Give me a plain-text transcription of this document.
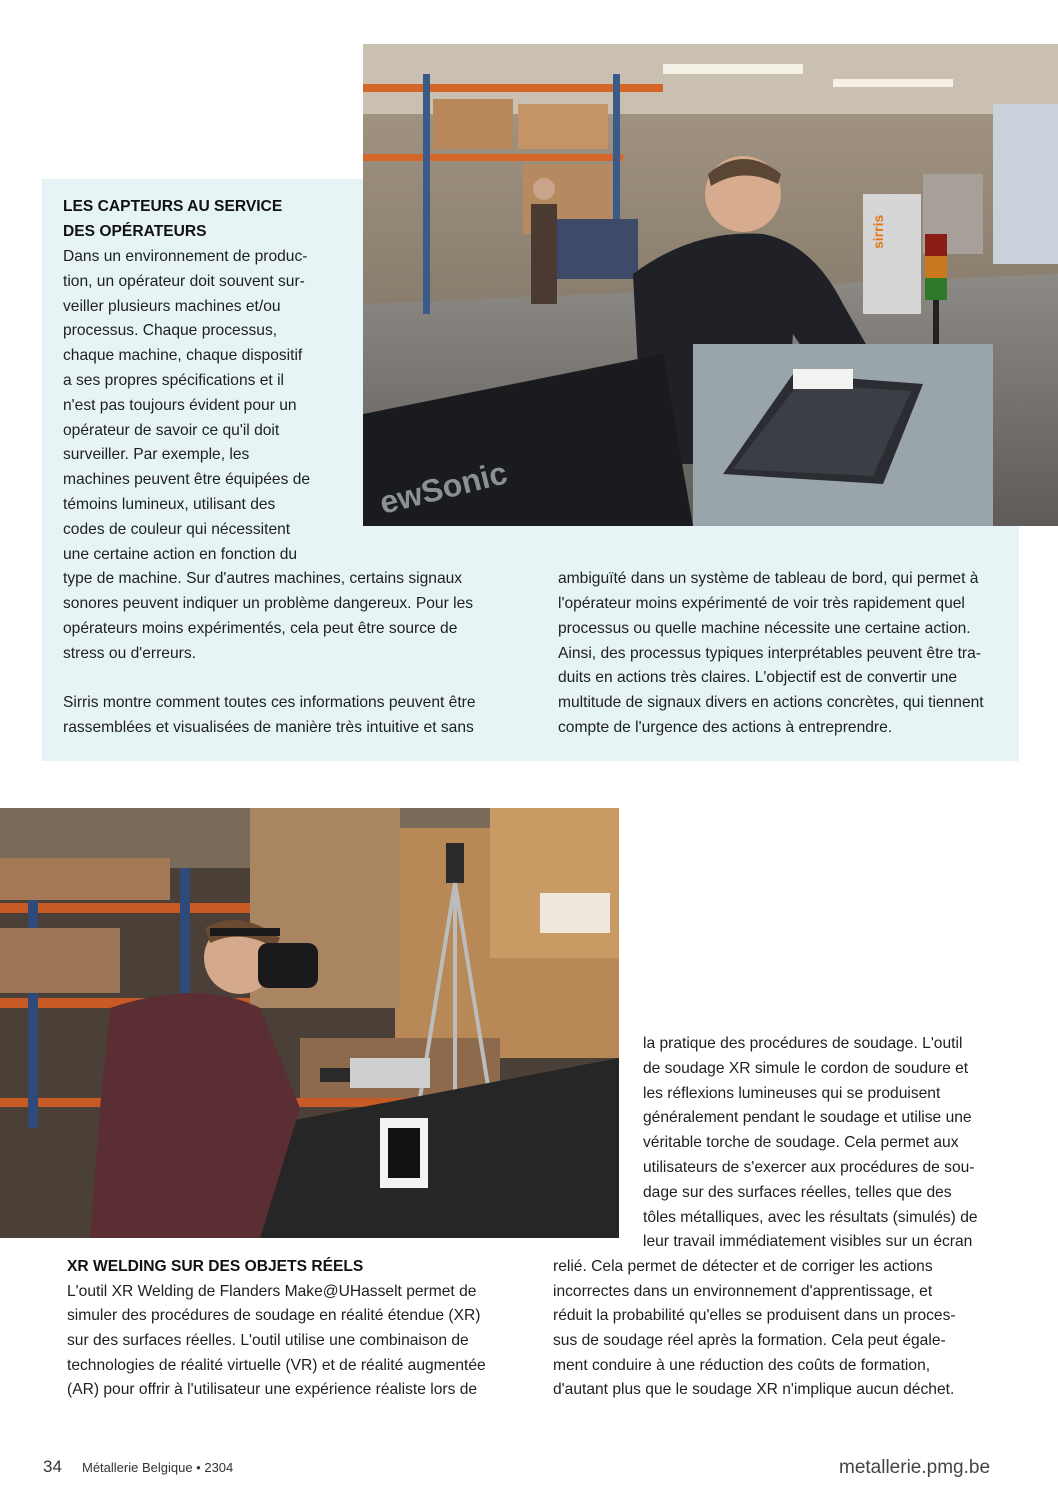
sirris
ewSonic
LES CAPTEURS AU SERVICE
DES OPÉRATEURS
Dans un environnement de produc-
tion, un opérateur doit souvent sur-
veiller plusieurs machines et/ou
processus. Chaque processus,
chaque machine, chaque dispositif
a ses propres spécifications et il
n'est pas toujours évident pour un
opérateur de savoir ce qu'il doit
surveiller. Par exemple, les
machines peuvent être équipées de
témoins lumineux, utilisant des
codes de couleur qui nécessitent
une certaine action en fonction du
type de machine. Sur d'autres machines, certains signaux
sonores peuvent indiquer un problème dangereux. Pour les
opérateurs moins expérimentés, cela peut être source de
stress ou d'erreurs.
Sirris montre comment toutes ces informations peuvent être
rassemblées et visualisées de manière très intuitive et sans
ambiguïté dans un système de tableau de bord, qui permet à
l'opérateur moins expérimenté de voir très rapidement quel
processus ou quelle machine nécessite une certaine action.
Ainsi, des processus typiques interprétables peuvent être tra-
duits en actions très claires. L'objectif est de convertir une
multitude de signaux divers en actions concrètes, qui tiennent
compte de l'urgence des actions à entreprendre.
la pratique des procédures de soudage. L'outil
de soudage XR simule le cordon de soudure et
les réflexions lumineuses qui se produisent
généralement pendant le soudage et utilise une
véritable torche de soudage. Cela permet aux
utilisateurs de s'exercer aux procédures de sou-
dage sur des surfaces réelles, telles que des
tôles métalliques, avec les résultats (simulés) de
leur travail immédiatement visibles sur un écran
XR WELDING SUR DES OBJETS RÉELS
L'outil XR Welding de Flanders Make@UHasselt permet de
simuler des procédures de soudage en réalité étendue (XR)
sur des surfaces réelles. L'outil utilise une combinaison de
technologies de réalité virtuelle (VR) et de réalité augmentée
(AR) pour offrir à l'utilisateur une expérience réaliste lors de
relié. Cela permet de détecter et de corriger les actions
incorrectes dans un environnement d'apprentissage, et
réduit la probabilité qu'elles se produisent dans un proces-
sus de soudage réel après la formation. Cela peut égale-
ment conduire à une réduction des coûts de formation,
d'autant plus que le soudage XR n'implique aucun déchet.
34 Métallerie Belgique • 2304	metallerie.pmg.be
